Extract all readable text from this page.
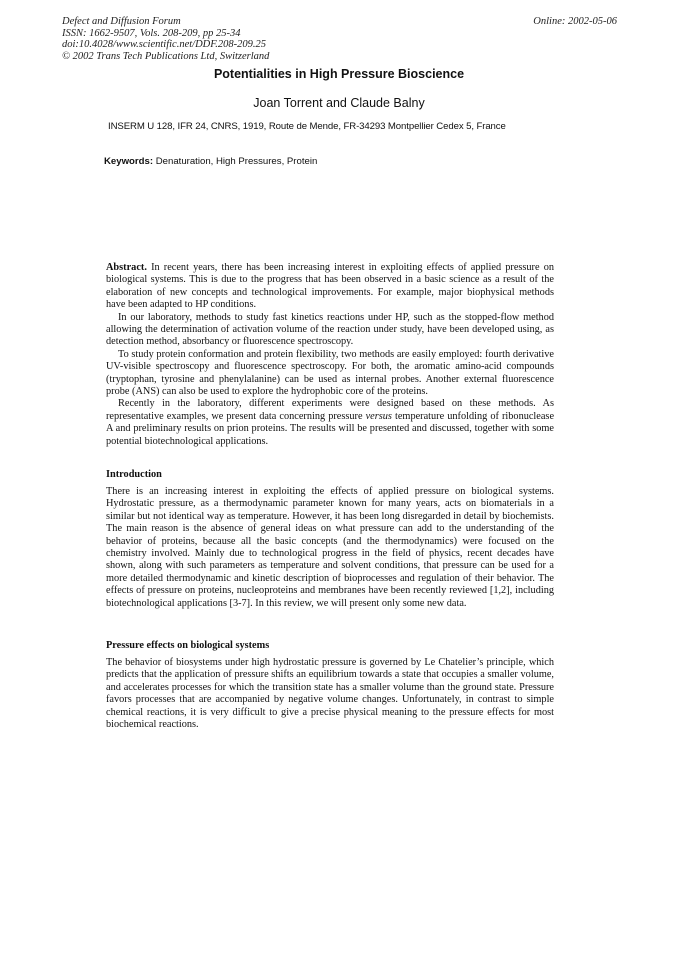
Defect and Diffusion Forum
ISSN: 1662-9507, Vols. 208-209, pp 25-34
doi:10.4028/www.scientific.net/DDF.208-209.25
© 2002 Trans Tech Publications Ltd, Switzerland
Online: 2002-05-06
Potentialities in High Pressure Bioscience
Joan Torrent and Claude Balny
INSERM U 128, IFR 24, CNRS, 1919, Route de Mende, FR-34293 Montpellier Cedex 5, France
Keywords: Denaturation, High Pressures, Protein

Abstract. In recent years, there has been increasing interest in exploiting effects of applied pressure on biological systems. This is due to the progress that has been observed in a basic science as a result of the elaboration of new concepts and technological improvements. For example, major biophysical methods have been adapted to HP conditions.

In our laboratory, methods to study fast kinetics reactions under HP, such as the stopped-flow method allowing the determination of activation volume of the reaction under study, have been developed using, as detection method, absorbancy or fluorescence spectroscopy.

To study protein conformation and protein flexibility, two methods are easily employed: fourth derivative UV-visible spectroscopy and fluorescence spectroscopy. For both, the aromatic amino-acid compounds (tryptophan, tyrosine and phenylalanine) can be used as internal probes. Another external fluorescence probe (ANS) can also be used to explore the hydrophobic core of the proteins.

Recently in the laboratory, different experiments were designed based on these methods. As representative examples, we present data concerning pressure versus temperature unfolding of ribonuclease A and preliminary results on prion proteins. The results will be presented and discussed, together with some potential biotechnological applications.

Introduction

There is an increasing interest in exploiting the effects of applied pressure on biological systems. Hydrostatic pressure, as a thermodynamic parameter known for many years, acts on biomaterials in a similar but not identical way as temperature. However, it has been long disregarded in detail by biochemists. The main reason is the absence of general ideas on what pressure can add to the understanding of the behavior of proteins, because all the basic concepts (and the thermodynamics) were focused on the chemistry involved. Mainly due to technological progress in the field of physics, recent decades have shown, along with such parameters as temperature and solvent conditions, that pressure can be used for a more detailed thermodynamic and kinetic description of bioprocesses and regulation of their behavior. The effects of pressure on proteins, nucleoproteins and membranes have been recently reviewed [1,2], including biotechnological applications [3-7]. In this review, we will present only some new data.

Pressure effects on biological systems

The behavior of biosystems under high hydrostatic pressure is governed by Le Chatelier’s principle, which predicts that the application of pressure shifts an equilibrium towards a state that occupies a smaller volume, and accelerates processes for which the transition state has a smaller volume than the ground state. Pressure favors processes that are accompanied by negative volume changes. Unfortunately, in contrast to simple chemical reactions, it is very difficult to give a precise physical meaning to the pressure effects for most biochemical reactions.
